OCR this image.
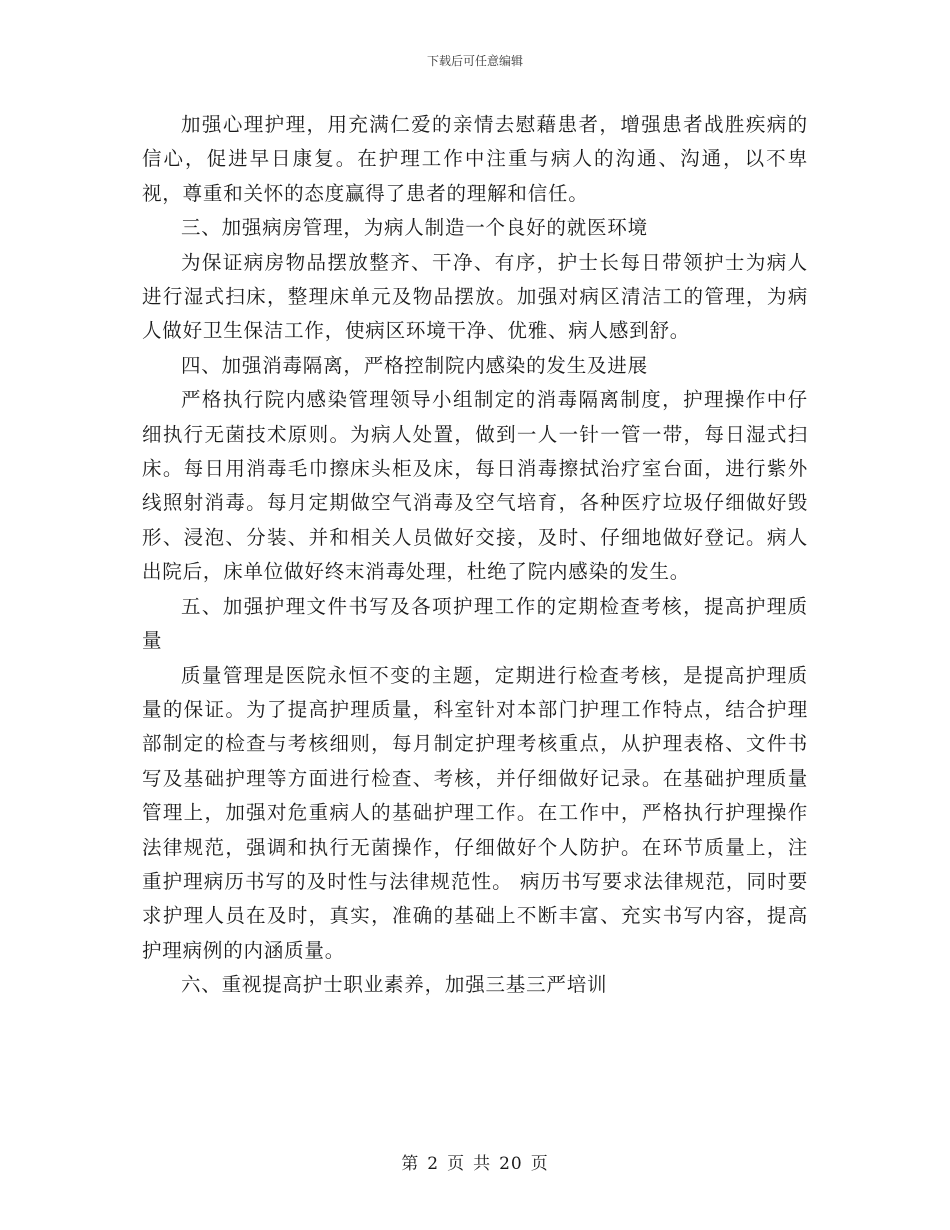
下载后可任意编辑

加强心理护理，用充满仁爱的亲情去慰藉患者，增强患者战胜疾病的信心，促进早日康复。在护理工作中注重与病人的沟通、沟通，以不卑视，尊重和关怀的态度赢得了患者的理解和信任。

三、加强病房管理，为病人制造一个良好的就医环境

为保证病房物品摆放整齐、干净、有序，护士长每日带领护士为病人进行湿式扫床，整理床单元及物品摆放。加强对病区清洁工的管理，为病人做好卫生保洁工作，使病区环境干净、优雅、病人感到舒。

四、加强消毒隔离，严格控制院内感染的发生及进展

严格执行院内感染管理领导小组制定的消毒隔离制度，护理操作中仔细执行无菌技术原则。为病人处置，做到一人一针一管一带，每日湿式扫床。每日用消毒毛巾擦床头柜及床，每日消毒擦拭治疗室台面，进行紫外线照射消毒。每月定期做空气消毒及空气培育，各种医疗垃圾仔细做好毁形、浸泡、分装、并和相关人员做好交接，及时、仔细地做好登记。病人出院后，床单位做好终末消毒处理，杜绝了院内感染的发生。

五、加强护理文件书写及各项护理工作的定期检查考核，提高护理质量

质量管理是医院永恒不变的主题，定期进行检查考核，是提高护理质量的保证。为了提高护理质量，科室针对本部门护理工作特点，结合护理部制定的检查与考核细则，每月制定护理考核重点，从护理表格、文件书写及基础护理等方面进行检查、考核，并仔细做好记录。在基础护理质量管理上，加强对危重病人的基础护理工作。在工作中，严格执行护理操作法律规范，强调和执行无菌操作，仔细做好个人防护。在环节质量上，注重护理病历书写的及时性与法律规范性。 病历书写要求法律规范，同时要求护理人员在及时，真实，准确的基础上不断丰富、充实书写内容，提高护理病例的内涵质量。

六、重视提高护士职业素养，加强三基三严培训

第 2 页 共 20 页
